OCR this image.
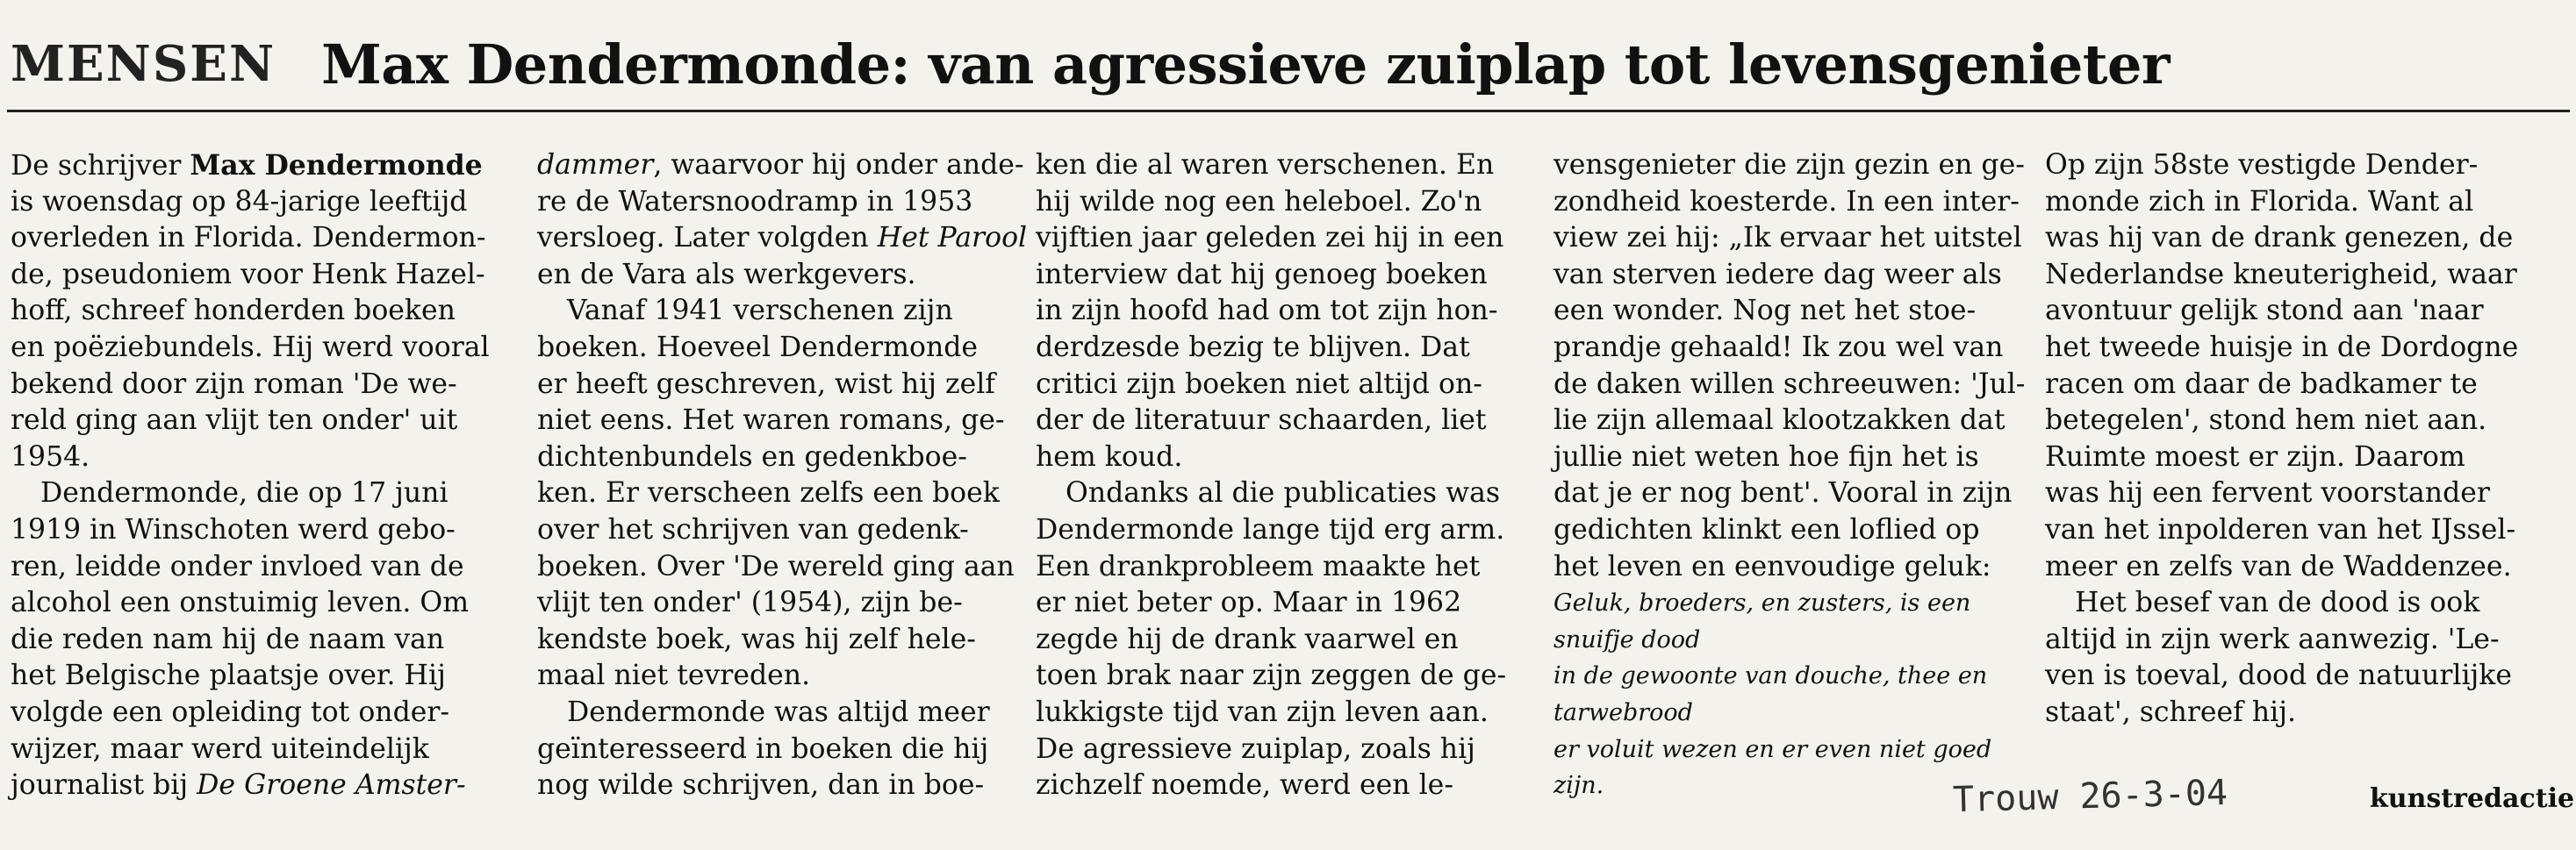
MENSEN Max Dendermonde: van agressieve zuiplap tot levensgenieter
De schrijver Max Dendermonde
is woensdag op 84-jarige leeftijd
overleden in Florida. Dendermon-
de, pseudoniem voor Henk Hazel-
hoff, schreef honderden boeken
en poëziebundels. Hij werd vooral
bekend door zijn roman 'De we-
reld ging aan vlijt ten onder' uit
1954.
Dendermonde, die op 17 juni
1919 in Winschoten werd gebo-
ren, leidde onder invloed van de
alcohol een onstuimig leven. Om
die reden nam hij de naam van
het Belgische plaatsje over. Hij
volgde een opleiding tot onder-
wijzer, maar werd uiteindelijk
journalist bij De Groene Amster-
dammer, waarvoor hij onder ande-
re de Watersnoodramp in 1953
versloeg. Later volgden Het Parool
en de Vara als werkgevers.
Vanaf 1941 verschenen zijn
boeken. Hoeveel Dendermonde
er heeft geschreven, wist hij zelf
niet eens. Het waren romans, ge-
dichtenbundels en gedenkboe-
ken. Er verscheen zelfs een boek
over het schrijven van gedenk-
boeken. Over 'De wereld ging aan
vlijt ten onder' (1954), zijn be-
kendste boek, was hij zelf hele-
maal niet tevreden.
Dendermonde was altijd meer
geïnteresseerd in boeken die hij
nog wilde schrijven, dan in boe-
ken die al waren verschenen. En
hij wilde nog een heleboel. Zo'n
vijftien jaar geleden zei hij in een
interview dat hij genoeg boeken
in zijn hoofd had om tot zijn hon-
derdzesde bezig te blijven. Dat
critici zijn boeken niet altijd on-
der de literatuur schaarden, liet
hem koud.
Ondanks al die publicaties was
Dendermonde lange tijd erg arm.
Een drankprobleem maakte het
er niet beter op. Maar in 1962
zegde hij de drank vaarwel en
toen brak naar zijn zeggen de ge-
lukkigste tijd van zijn leven aan.
De agressieve zuiplap, zoals hij
zichzelf noemde, werd een le-
vensgenieter die zijn gezin en ge-
zondheid koesterde. In een inter-
view zei hij: „Ik ervaar het uitstel
van sterven iedere dag weer als
een wonder. Nog net het stoe-
prandje gehaald! Ik zou wel van
de daken willen schreeuwen: 'Jul-
lie zijn allemaal klootzakken dat
jullie niet weten hoe fijn het is
dat je er nog bent'. Vooral in zijn
gedichten klinkt een loflied op
het leven en eenvoudige geluk:
Geluk, broeders, en zusters, is een
snuifje dood
in de gewoonte van douche, thee en
tarwebrood
er voluit wezen en er even niet goed
zijn.
Op zijn 58ste vestigde Dender-
monde zich in Florida. Want al
was hij van de drank genezen, de
Nederlandse kneuterigheid, waar
avontuur gelijk stond aan 'naar
het tweede huisje in de Dordogne
racen om daar de badkamer te
betegelen', stond hem niet aan.
Ruimte moest er zijn. Daarom
was hij een fervent voorstander
van het inpolderen van het IJssel-
meer en zelfs van de Waddenzee.
Het besef van de dood is ook
altijd in zijn werk aanwezig. 'Le-
ven is toeval, dood de natuurlijke
staat', schreef hij.
Trouw 26-3-04	kunstredactie
